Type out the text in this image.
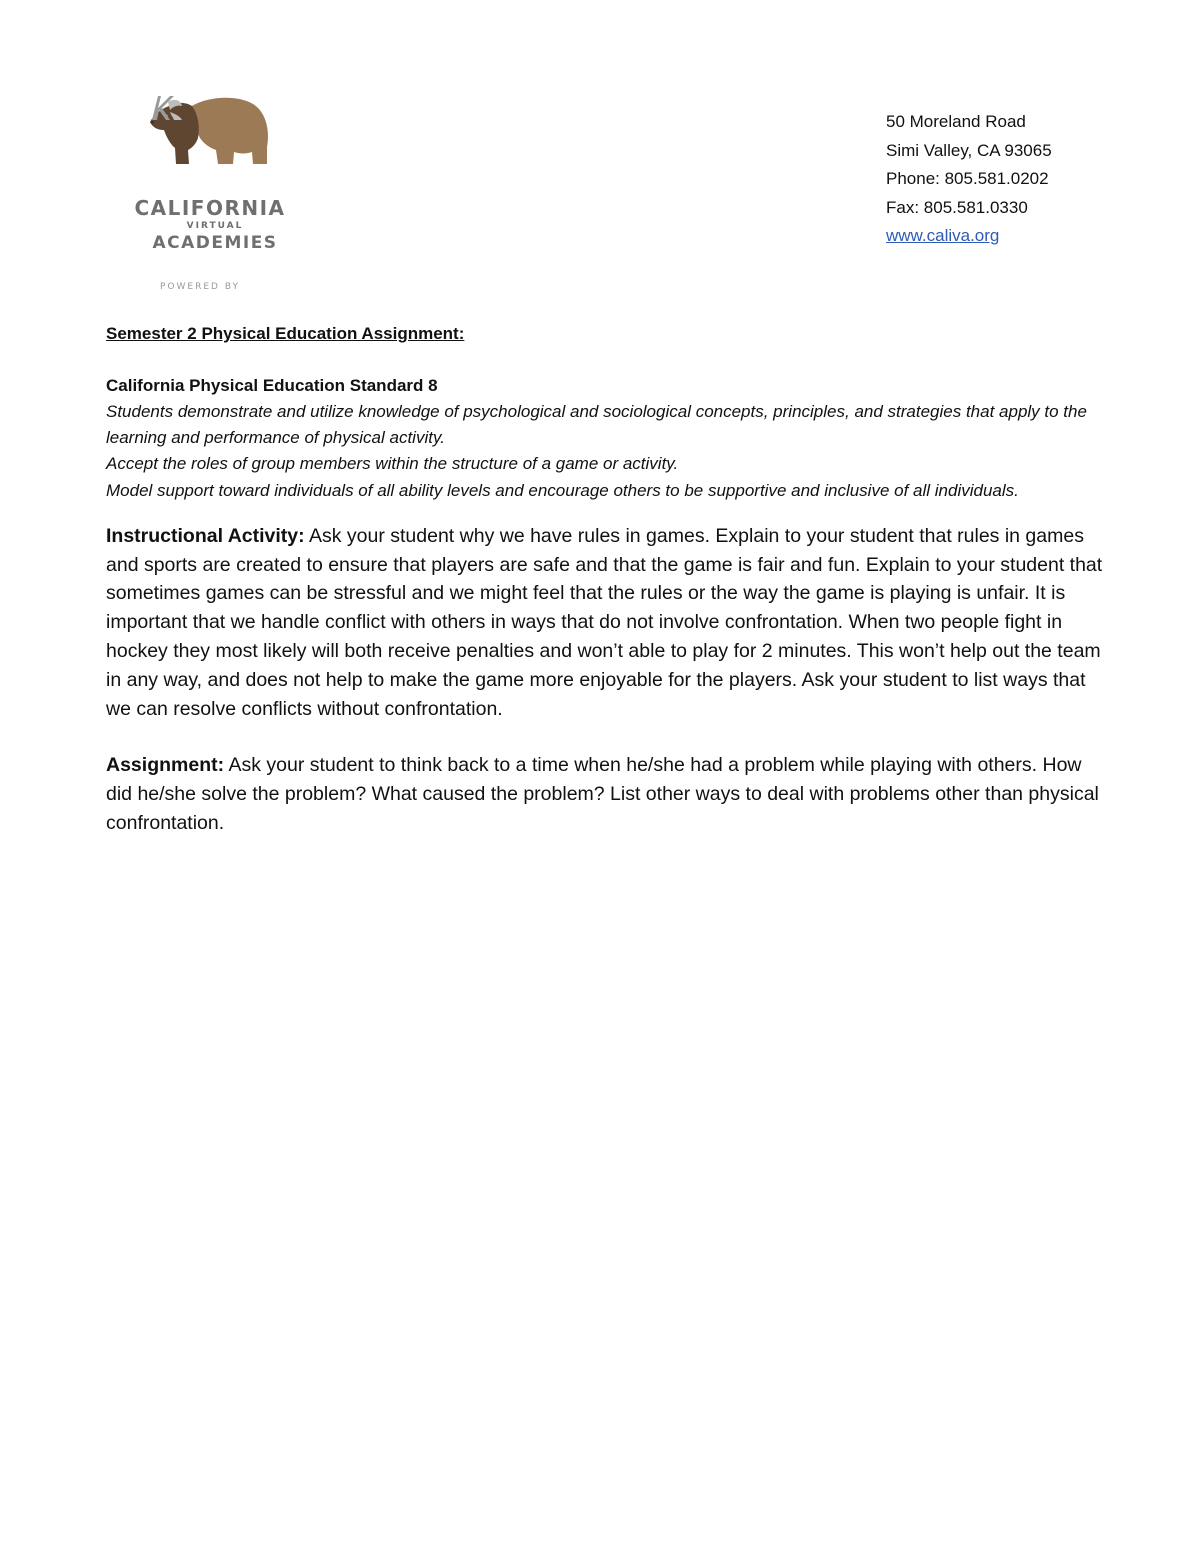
CALIFORNIA
VIRTUAL
ACADEMIES
POWERED BY
50 Moreland Road
Simi Valley, CA 93065
Phone: 805.581.0202
Fax: 805.581.0330
www.caliva.org

Semester 2 Physical Education Assignment:

California Physical Education Standard 8

Students demonstrate and utilize knowledge of psychological and sociological concepts, principles, and strategies that apply to the learning and performance of physical activity.

Accept the roles of group members within the structure of a game or activity.

Model support toward individuals of all ability levels and encourage others to be supportive and inclusive of all individuals.

Instructional Activity: Ask your student why we have rules in games. Explain to your student that rules in games and sports are created to ensure that players are safe and that the game is fair and fun. Explain to your student that sometimes games can be stressful and we might feel that the rules or the way the game is playing is unfair. It is important that we handle conflict with others in ways that do not involve confrontation. When two people fight in hockey they most likely will both receive penalties and won’t able to play for 2 minutes. This won’t help out the team in any way, and does not help to make the game more enjoyable for the players. Ask your student to list ways that we can resolve conflicts without confrontation.

Assignment: Ask your student to think back to a time when he/she had a problem while playing with others. How did he/she solve the problem? What caused the problem? List other ways to deal with problems other than physical confrontation.
